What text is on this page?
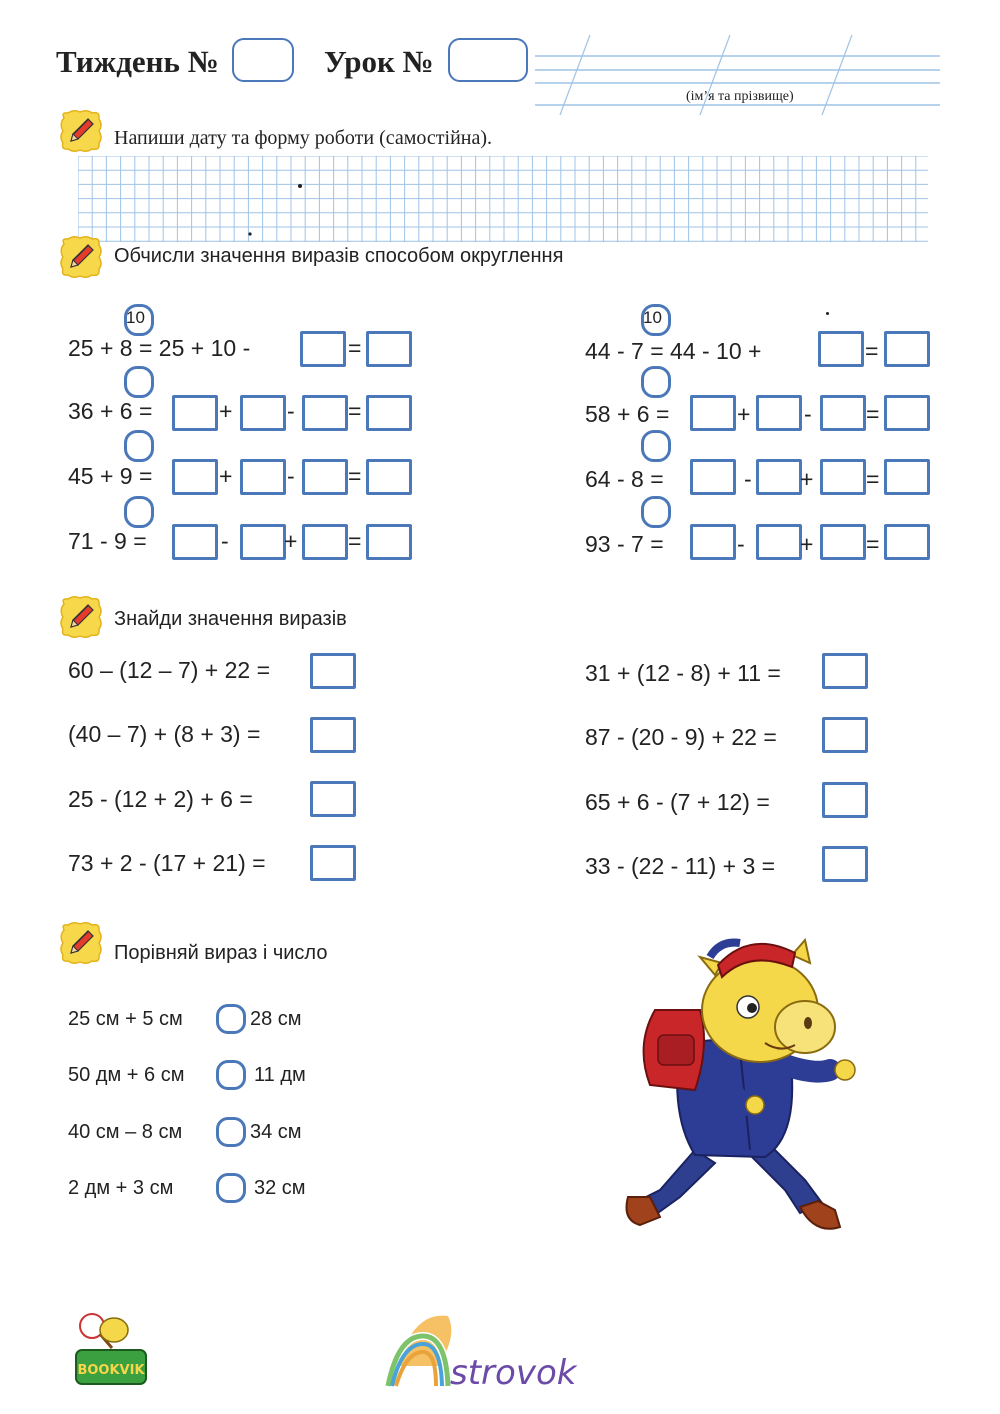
Тиждень №	Урок №
(ім’я та прізвище)
Напиши дату та форму роботи (самостійна).
Обчисли значення виразів способом округлення
10
25 + 8 = 25 + 10 -	=
36 + 6 =	+ - =
45 + 9 =	+ - =
71 - 9 =	- + =
10
44 - 7 = 44 - 10 +	=
58 + 6 =	+ - =
64 - 8 =	- + =
93 - 7 =	- + =
Знайди значення виразів
60 – (12 – 7) + 22 =
(40 – 7) + (8 + 3) =
25 - (12 + 2) + 6 =
73 + 2 - (17 + 21) =
31 + (12 - 8) + 11 =
87 - (20 - 9) + 22 =
65 + 6 - (7 + 12) =
33 - (22 - 11) + 3 =
Порівняй вираз і число
25 см + 5 см	28 см
50 дм + 6 см	11 дм
40 см – 8 см	34 см
2 дм + 3 см	32 см
BOOKVIK	strovok
